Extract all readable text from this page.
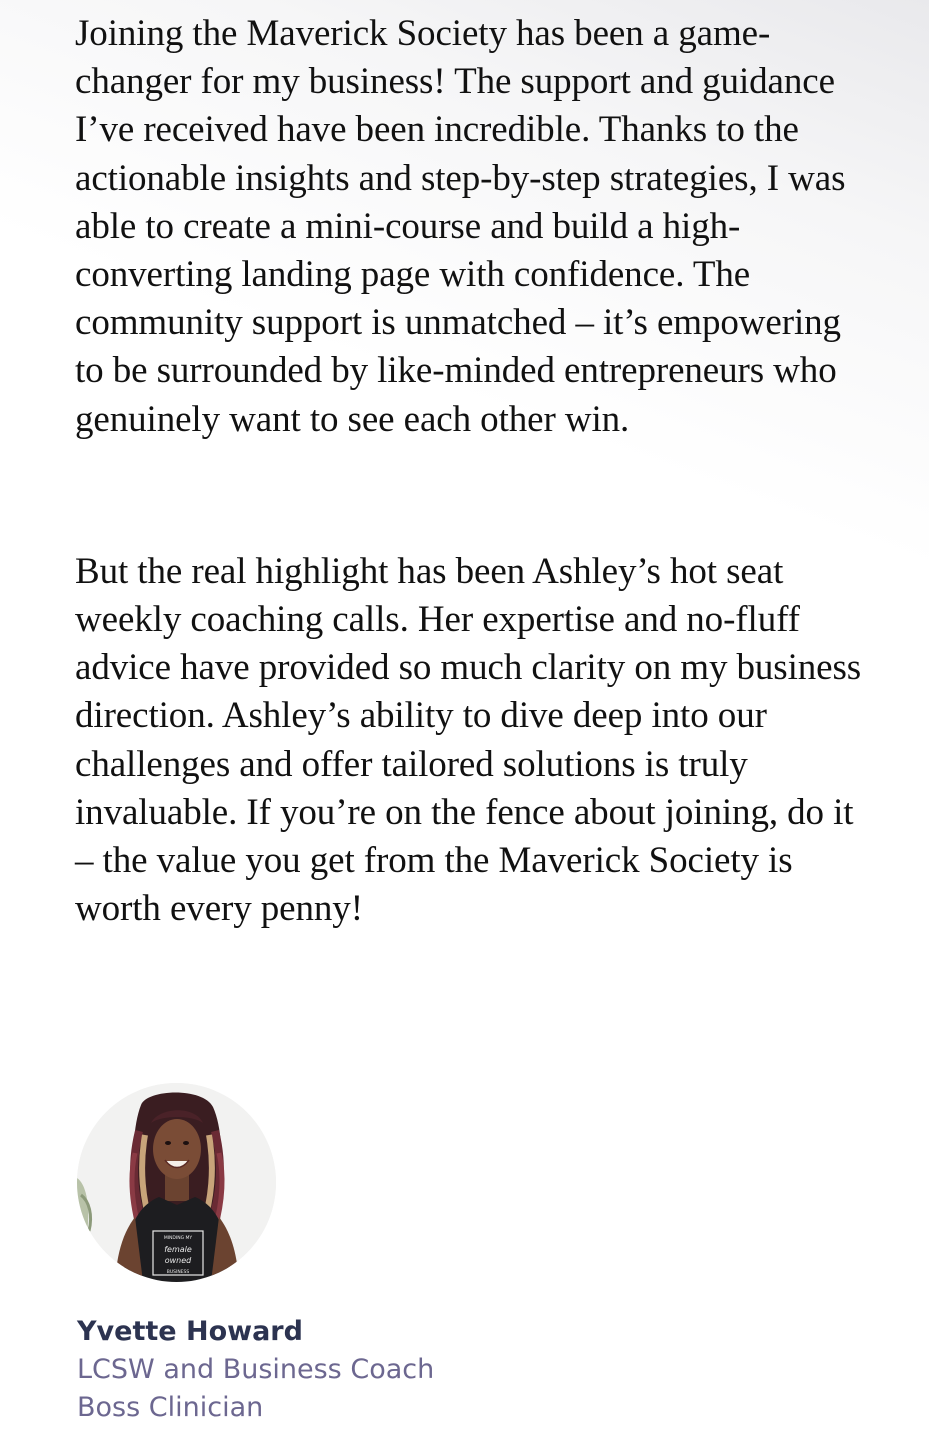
Joining the Maverick Society has been a game-changer for my business! The support and guidance I’ve received have been incredible. Thanks to the actionable insights and step-by-step strategies, I was able to create a mini-course and build a high-converting landing page with confidence. The community support is unmatched – it’s empowering to be surrounded by like-minded entrepreneurs who genuinely want to see each other win.

But the real highlight has been Ashley’s hot seat weekly coaching calls. Her expertise and no-fluff advice have provided so much clarity on my business direction. Ashley’s ability to dive deep into our challenges and offer tailored solutions is truly invaluable. If you’re on the fence about joining, do it – the value you get from the Maverick Society is worth every penny!

MINDING MY
female
owned
BUSINESS
Yvette Howard
LCSW and Business Coach
Boss Clinician
